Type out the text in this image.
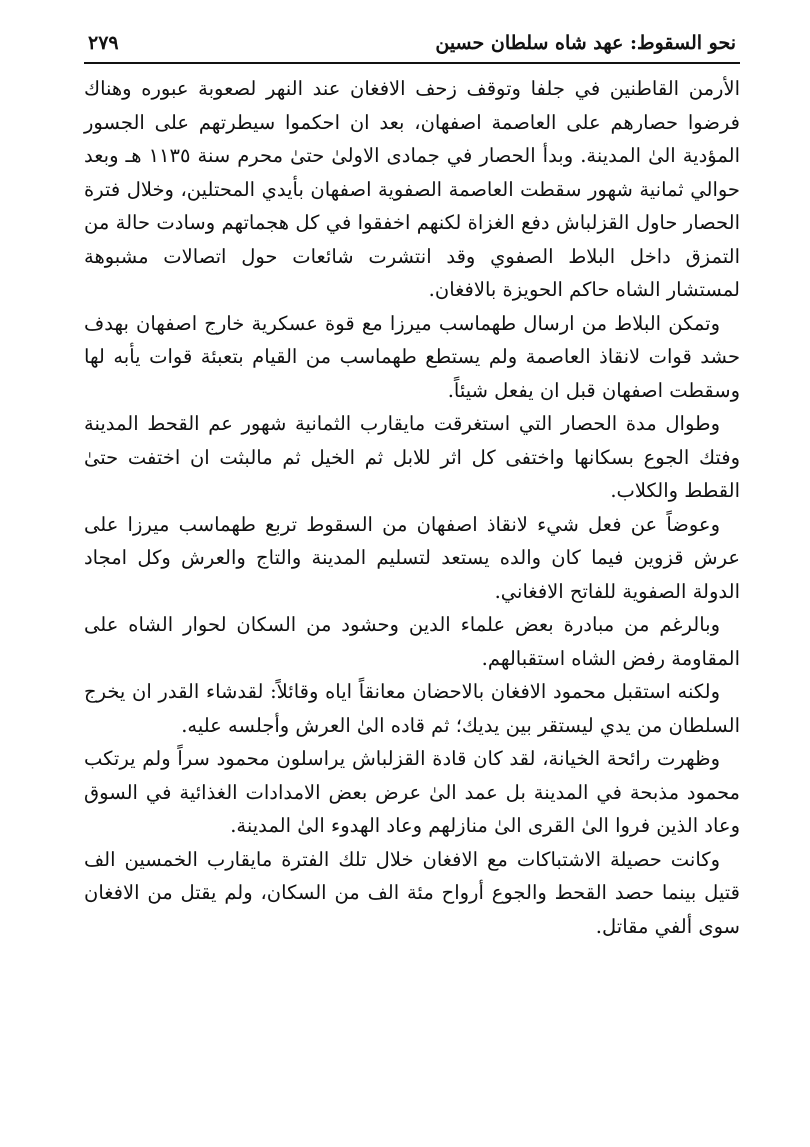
نحو السقوط: عهد شاه سلطان حسين
٢٧٩

الأرمن القاطنين في جلفا وتوقف زحف الافغان عند النهر لصعوبة عبوره وهناك فرضوا حصارهم على العاصمة اصفهان، بعد ان احكموا سيطرتهم على الجسور المؤدية الىٰ المدينة. وبدأ الحصار في جمادى الاولىٰ حتىٰ محرم سنة ١١٣٥ هـ وبعد حوالي ثمانية شهور سقطت العاصمة الصفوية اصفهان بأيدي المحتلين، وخلال فترة الحصار حاول القزلباش دفع الغزاة لكنهم اخفقوا في كل هجماتهم وسادت حالة من التمزق داخل البلاط الصفوي وقد انتشرت شائعات حول اتصالات مشبوهة لمستشار الشاه حاكم الحويزة بالافغان.

وتمكن البلاط من ارسال طهماسب ميرزا مع قوة عسكرية خارج اصفهان بهدف حشد قوات لانقاذ العاصمة ولم يستطع طهماسب من القيام بتعبئة قوات يأبه لها وسقطت اصفهان قبل ان يفعل شيئاً.

وطوال مدة الحصار التي استغرقت مايقارب الثمانية شهور عم القحط المدينة وفتك الجوع بسكانها واختفى كل اثر للابل ثم الخيل ثم مالبثت ان اختفت حتىٰ القطط والكلاب.

وعوضاً عن فعل شيء لانقاذ اصفهان من السقوط تربع طهماسب ميرزا على عرش قزوين فيما كان والده يستعد لتسليم المدينة والتاج والعرش وكل امجاد الدولة الصفوية للفاتح الافغاني.

وبالرغم من مبادرة بعض علماء الدين وحشود من السكان لحوار الشاه على المقاومة رفض الشاه استقبالهم.

ولكنه استقبل محمود الافغان بالاحضان معانقاً اياه وقائلاً: لقدشاء القدر ان يخرج السلطان من يدي ليستقر بين يديك؛ ثم قاده الىٰ العرش وأجلسه عليه.

وظهرت رائحة الخيانة، لقد كان قادة القزلباش يراسلون محمود سراً ولم يرتكب محمود مذبحة في المدينة بل عمد الىٰ عرض بعض الامدادات الغذائية في السوق وعاد الذين فروا الىٰ القرى الىٰ منازلهم وعاد الهدوء الىٰ المدينة.

وكانت حصيلة الاشتباكات مع الافغان خلال تلك الفترة مايقارب الخمسين الف قتيل بينما حصد القحط والجوع أرواح مئة الف من السكان، ولم يقتل من الافغان سوى ألفي مقاتل.
